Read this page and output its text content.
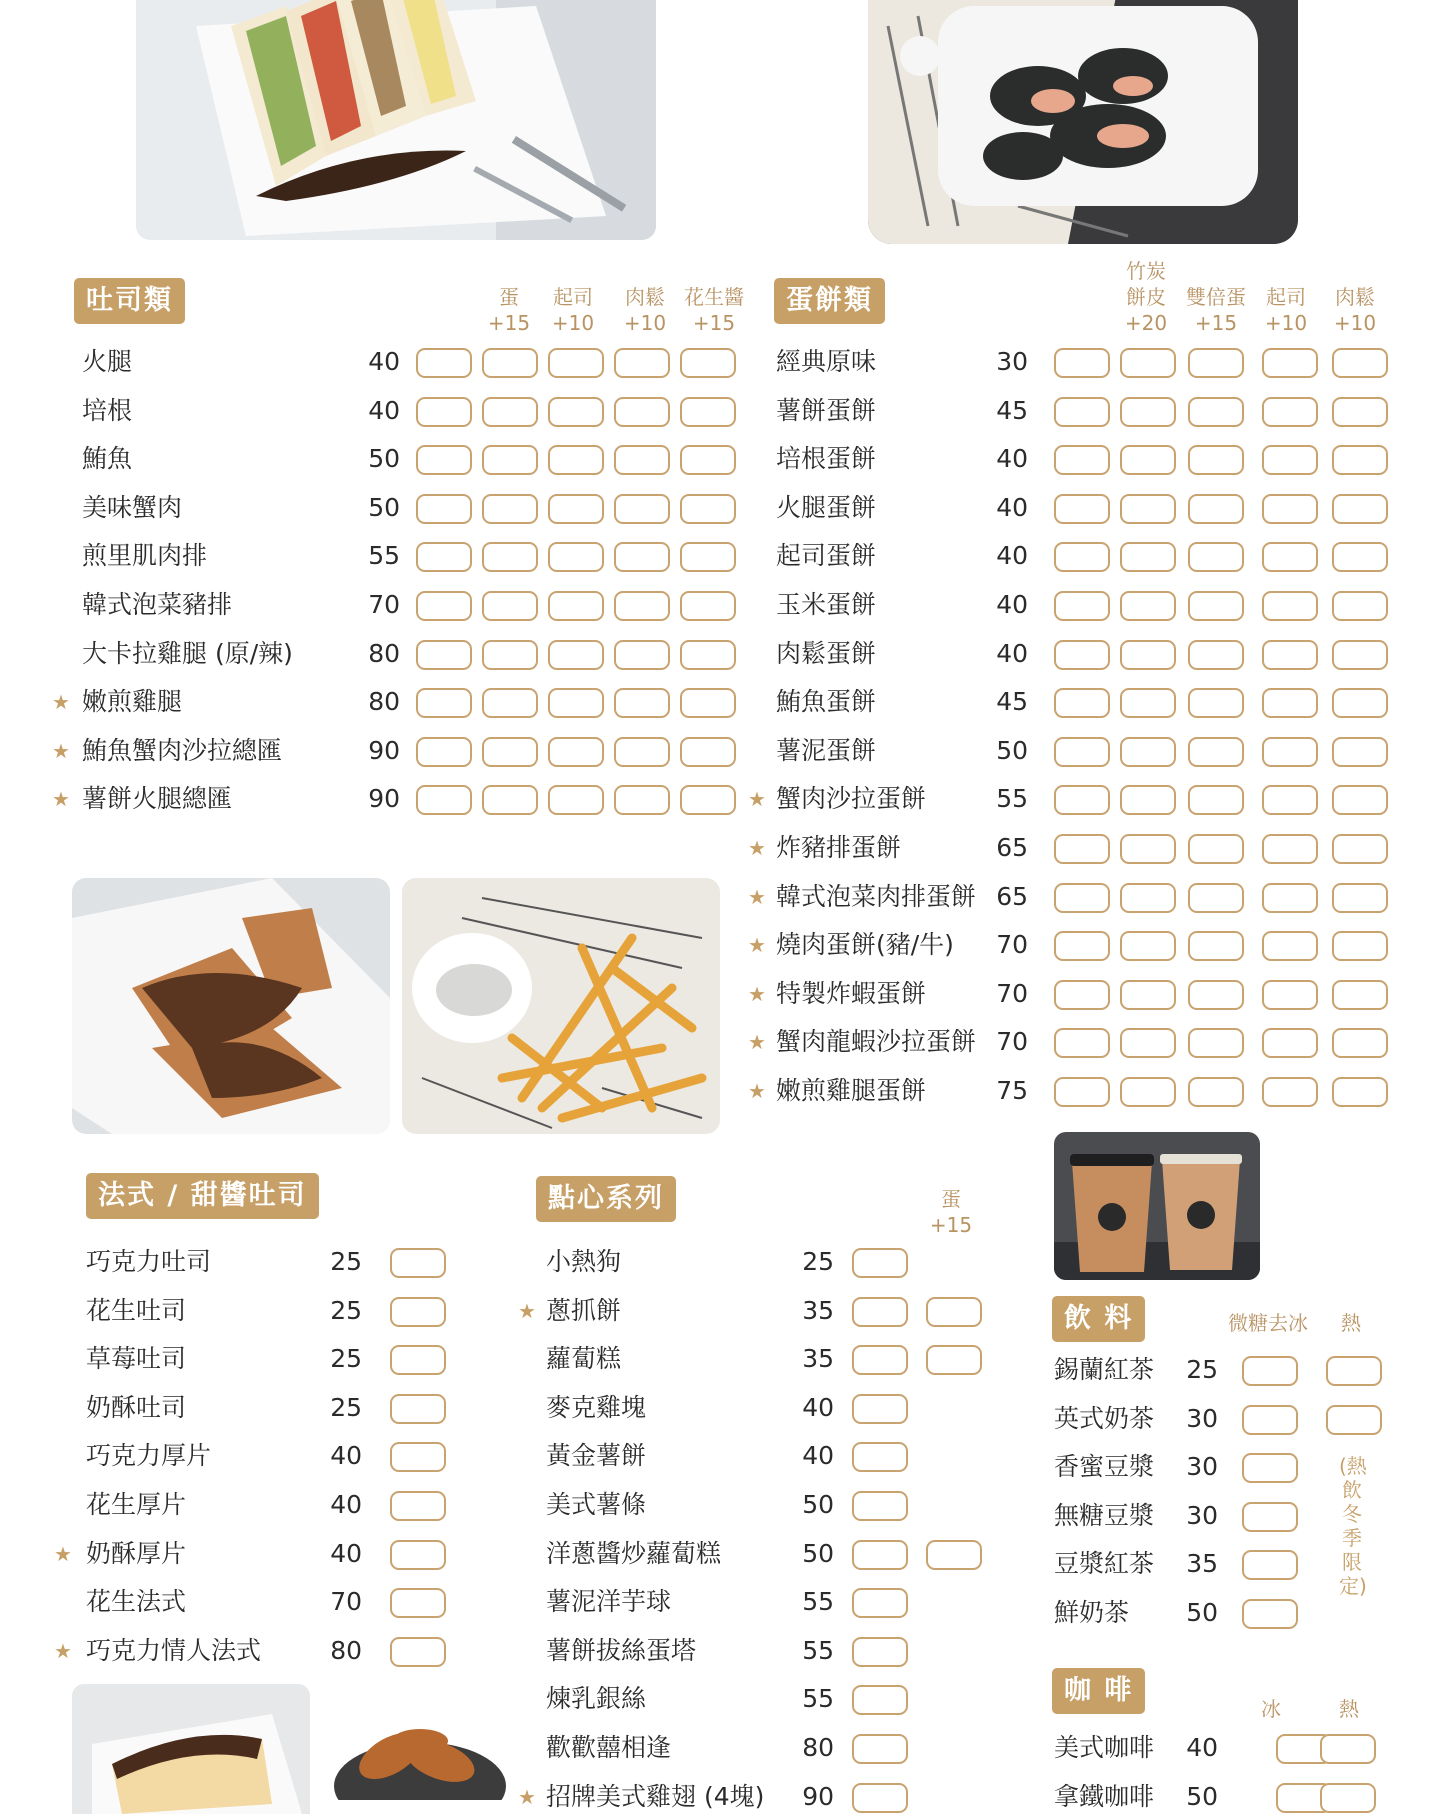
吐司類	蛋
+15
起司
+10
肉鬆
+10
花生醬
+15
火腿	40
培根	40
鮪魚	50
美味蟹肉	50
煎里肌肉排	55
韓式泡菜豬排	70
大卡拉雞腿 (原/辣)	80
★ 嫩煎雞腿	80
★ 鮪魚蟹肉沙拉總匯	90
★ 薯餅火腿總匯	90
蛋餅類
竹炭
餅皮
+20
雙倍蛋
+15
起司
+10
肉鬆
+10
經典原味	30
薯餅蛋餅	45
培根蛋餅	40
火腿蛋餅	40
起司蛋餅	40
玉米蛋餅	40
肉鬆蛋餅	40
鮪魚蛋餅	45
薯泥蛋餅	50
★ 蟹肉沙拉蛋餅	55
★ 炸豬排蛋餅	65
★ 韓式泡菜肉排蛋餅 65
★ 燒肉蛋餅(豬/牛)	70
★ 特製炸蝦蛋餅	70
★ 蟹肉龍蝦沙拉蛋餅 70
★ 嫩煎雞腿蛋餅	75
法式 / 甜醬吐司
巧克力吐司	25
花生吐司	25
草莓吐司	25
奶酥吐司	25
巧克力厚片	40
花生厚片	40
★ 奶酥厚片	40
花生法式	70
★ 巧克力情人法式	80
點心系列	蛋
+15
小熱狗	25
★ 蔥抓餅	35
蘿蔔糕	35
麥克雞塊	40
黃金薯餅	40
美式薯條	50
洋蔥醬炒蘿蔔糕	50
薯泥洋芋球	55
薯餅拔絲蛋塔	55
煉乳銀絲	55
歡歡囍相逢	80
★ 招牌美式雞翅 (4塊)	90
飲 料	微糖去冰	熱
(熱飲冬季限定)
錫蘭紅茶	25
英式奶茶	30
香蜜豆漿	30
無糖豆漿	30
豆漿紅茶	35
鮮奶茶	50
咖 啡
冰	熱
美式咖啡	40
拿鐵咖啡	50
